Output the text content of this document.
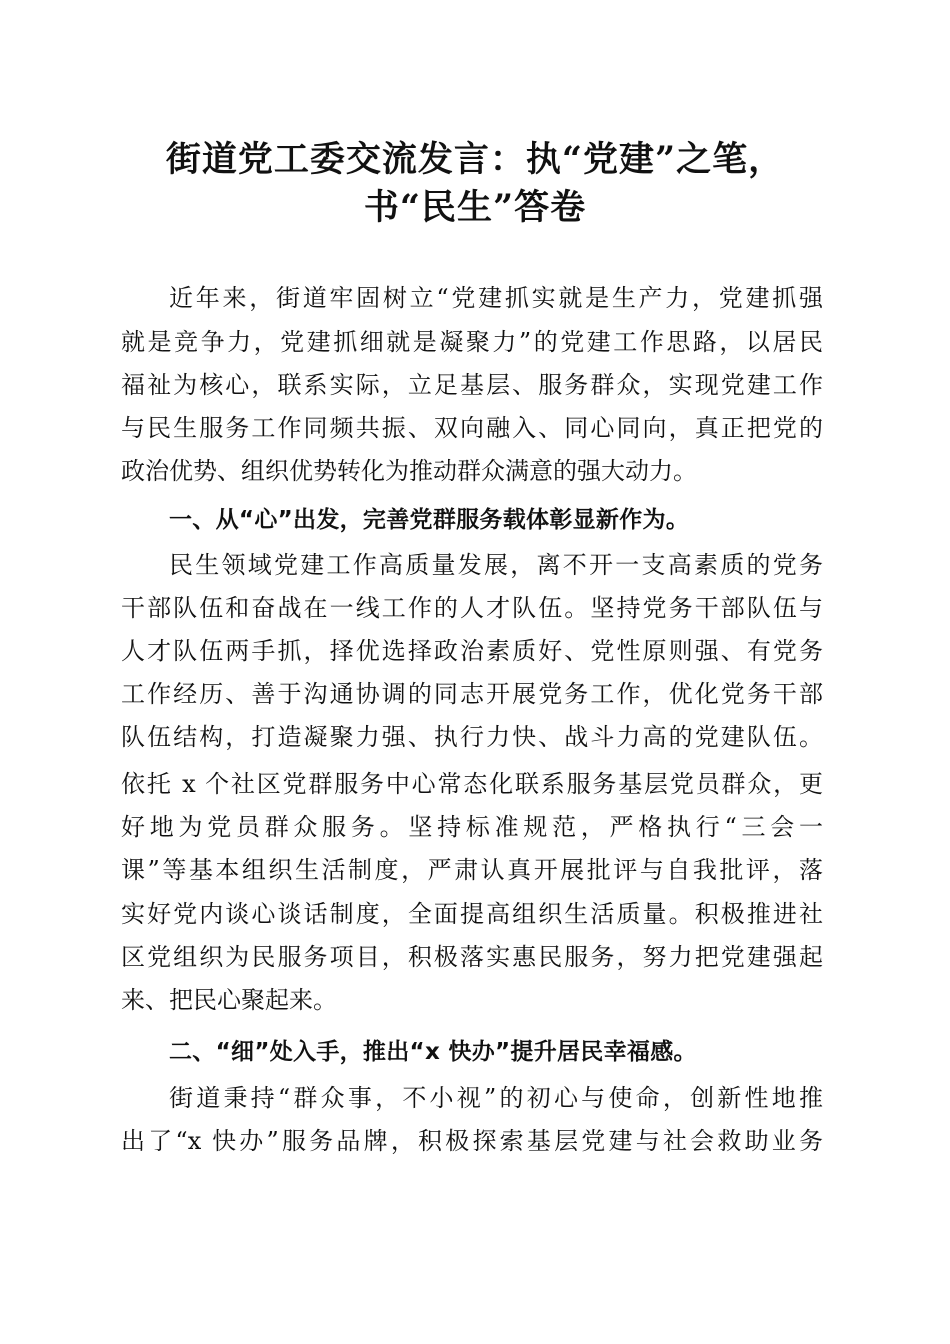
街道党工委交流发言：执“党建”之笔，
书“民生”答卷

近年来，街道牢固树立“党建抓实就是生产力，党建抓强

就是竞争力，党建抓细就是凝聚力”的党建工作思路，以居民

福祉为核心，联系实际，立足基层、服务群众，实现党建工作

与民生服务工作同频共振、双向融入、同心同向，真正把党的

政治优势、组织优势转化为推动群众满意的强大动力。

一、从“心”出发，完善党群服务载体彰显新作为。

民生领域党建工作高质量发展，离不开一支高素质的党务

干部队伍和奋战在一线工作的人才队伍。坚持党务干部队伍与

人才队伍两手抓，择优选择政治素质好、党性原则强、有党务

工作经历、善于沟通协调的同志开展党务工作，优化党务干部

队伍结构，打造凝聚力强、执行力快、战斗力高的党建队伍。

依托 x 个社区党群服务中心常态化联系服务基层党员群众，更

好地为党员群众服务。坚持标准规范，严格执行“三会一

课”等基本组织生活制度，严肃认真开展批评与自我批评，落

实好党内谈心谈话制度，全面提高组织生活质量。积极推进社

区党组织为民服务项目，积极落实惠民服务，努力把党建强起

来、把民心聚起来。

二、“细”处入手，推出“x 快办”提升居民幸福感。

街道秉持“群众事，不小视”的初心与使命，创新性地推

出了“x 快办”服务品牌，积极探索基层党建与社会救助业务
